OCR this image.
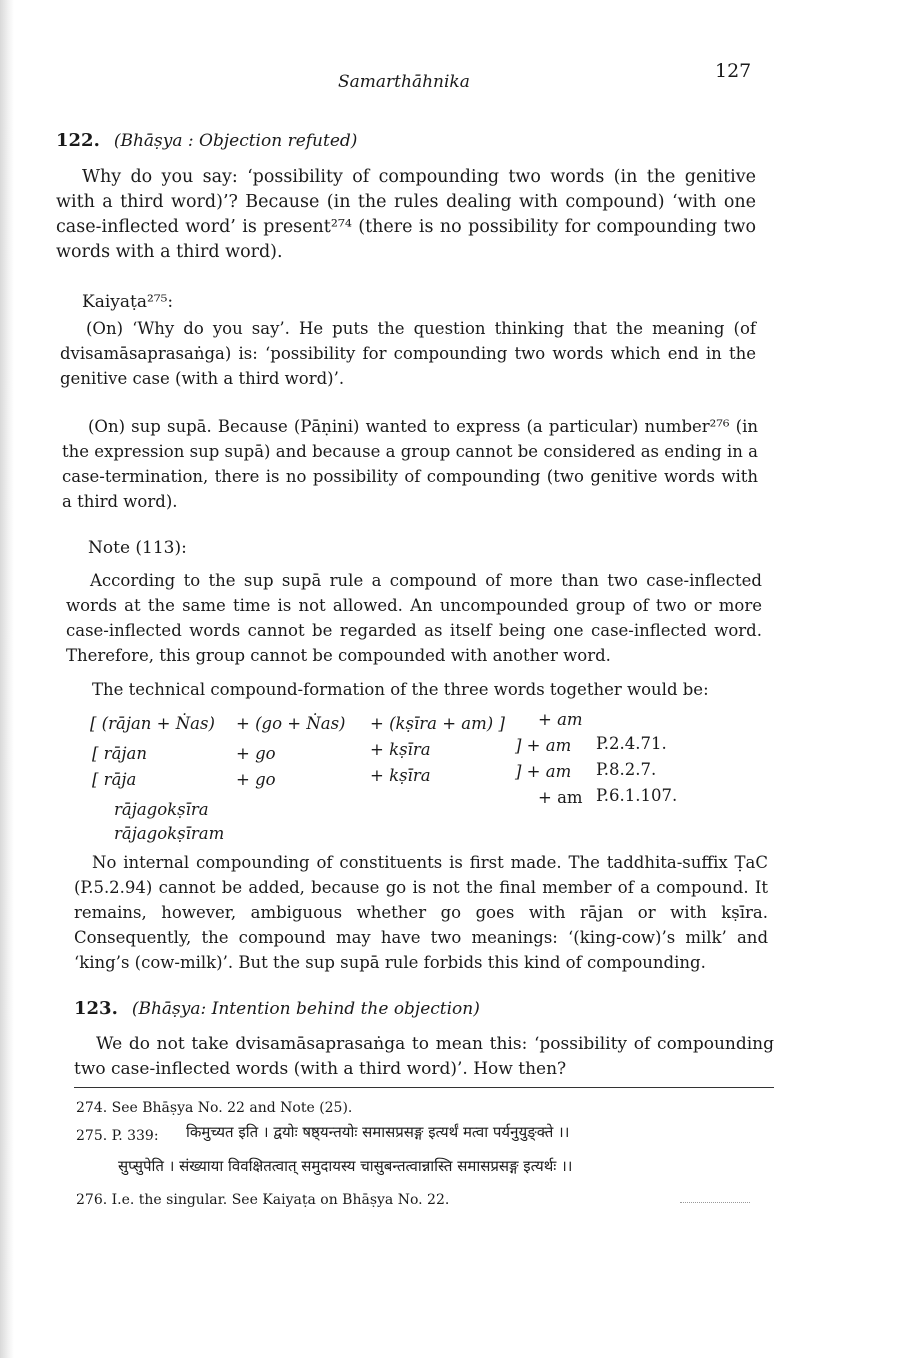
Samarthāhnika	127
122. (Bhāṣya : Objection refuted)

Why do you say: ‘possibility of compounding two words (in the genitive with a third word)’? Because (in the rules dealing with compound) ‘with one case-inflected word’ is present²⁷⁴ (there is no possibility for compounding two words with a third word).

Kaiyaṭa²⁷⁵:

(On) ‘Why do you say’. He puts the question thinking that the meaning (of dvisamāsaprasaṅga) is: ‘possibility for compounding two words which end in the genitive case (with a third word)’.

(On) sup supā. Because (Pāṇini) wanted to express (a particular) number²⁷⁶ (in the expression sup supā) and because a group cannot be considered as ending in a case-termination, there is no possibility of compounding (two genitive words with a third word).

Note (113):

According to the sup supā rule a compound of more than two case-inflected words at the same time is not allowed. An uncompounded group of two or more case-inflected words cannot be regarded as itself being one case-inflected word. Therefore, this group cannot be compounded with another word.

The technical compound-formation of the three words together would be:
[ (rājan + Ṅas) + (go + Ṅas) + (kṣīra + am) ] + am
[ rājan	+ go	+ kṣīra	] + am P.2.4.71.
[ rāja	+ go	+ kṣīra	] + am P.8.2.7.
rājagokṣīra
+ am P.6.1.107.
rājagokṣīram

No internal compounding of constituents is first made. The taddhita-suffix ṬaC (P.5.2.94) cannot be added, because go is not the final member of a compound. It remains, however, ambiguous whether go goes with rājan or with kṣīra. Consequently, the compound may have two meanings: ‘(king-cow)’s milk’ and ‘king’s (cow-milk)’. But the sup supā rule forbids this kind of compounding.

123. (Bhāṣya: Intention behind the objection)

We do not take dvisamāsaprasaṅga to mean this: ‘possibility of compounding two case-inflected words (with a third word)’. How then?

274. See Bhāṣya No. 22 and Note (25).
275. P. 339: किमुच्यत इति । द्वयोः षष्ठ्यन्तयोः समासप्रसङ्ग इत्यर्थं मत्वा पर्यनुयुङ्क्ते ।।
सुप्सुपेति । संख्याया विवक्षितत्वात् समुदायस्य चासुबन्तत्वान्नास्ति समासप्रसङ्ग इत्यर्थः ।।
276. I.e. the singular. See Kaiyaṭa on Bhāṣya No. 22.
